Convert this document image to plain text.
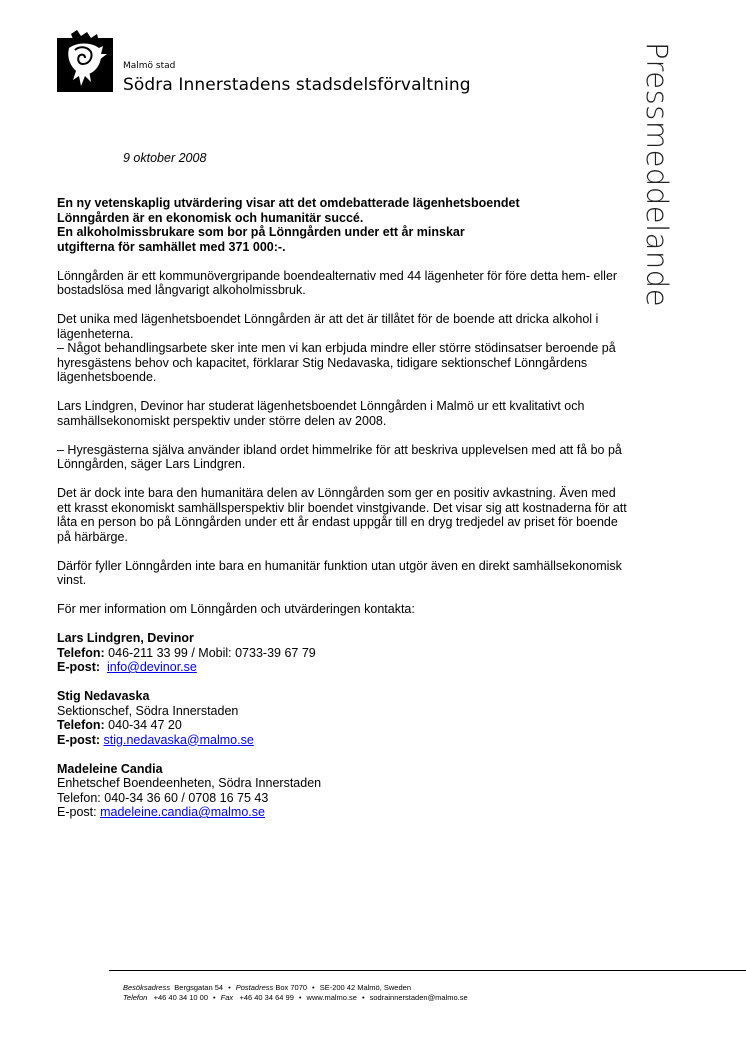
Malmö stad
Södra Innerstadens stadsdelsförvaltning	Pressmeddelande
9 oktober 2008
En ny vetenskaplig utvärdering visar att det omdebatterade lägenhetsboendet
Lönngården är en ekonomisk och humanitär succé.
En alkoholmissbrukare som bor på Lönngården under ett år minskar
utgifterna för samhället med 371 000:-.

Lönngården är ett kommunövergripande boendealternativ med 44 lägenheter för före detta hem- eller bostadslösa med långvarigt alkoholmissbruk.

Det unika med lägenhetsboendet Lönngården är att det är tillåtet för de boende att dricka alkohol i lägenheterna.
– Något behandlingsarbete sker inte men vi kan erbjuda mindre eller större stödinsatser beroende på hyresgästens behov och kapacitet, förklarar Stig Nedavaska, tidigare sektionschef Lönngårdens lägenhetsboende.

Lars Lindgren, Devinor har studerat lägenhetsboendet Lönngården i Malmö ur ett kvalitativt och samhällsekonomiskt perspektiv under större delen av 2008.

– Hyresgästerna själva använder ibland ordet himmelrike för att beskriva upplevelsen med att få bo på Lönngården, säger Lars Lindgren.

Det är dock inte bara den humanitära delen av Lönngården som ger en positiv avkastning. Även med ett krasst ekonomiskt samhällsperspektiv blir boendet vinstgivande. Det visar sig att kostnaderna för att låta en person bo på Lönngården under ett år endast uppgår till en dryg tredjedel av priset för boende på härbärge.

Därför fyller Lönngården inte bara en humanitär funktion utan utgör även en direkt samhällsekonomisk vinst.

För mer information om Lönngården och utvärderingen kontakta:

Lars Lindgren, Devinor
Telefon: 046-211 33 99 / Mobil: 0733-39 67 79
E-post: info@devinor.se
Stig Nedavaska
Sektionschef, Södra Innerstaden
Telefon: 040-34 47 20
E-post: stig.nedavaska@malmo.se
Madeleine Candia
Enhetschef Boendeenheten, Södra Innerstaden
Telefon: 040-34 36 60 / 0708 16 75 43
E-post: madeleine.candia@malmo.se
Besöksadress Bergsgatan 54 • Postadress Box 7070 • SE-200 42 Malmö, Sweden
Telefon +46 40 34 10 00 • Fax +46 40 34 64 99 • www.malmo.se • sodrainnerstaden@malmo.se
